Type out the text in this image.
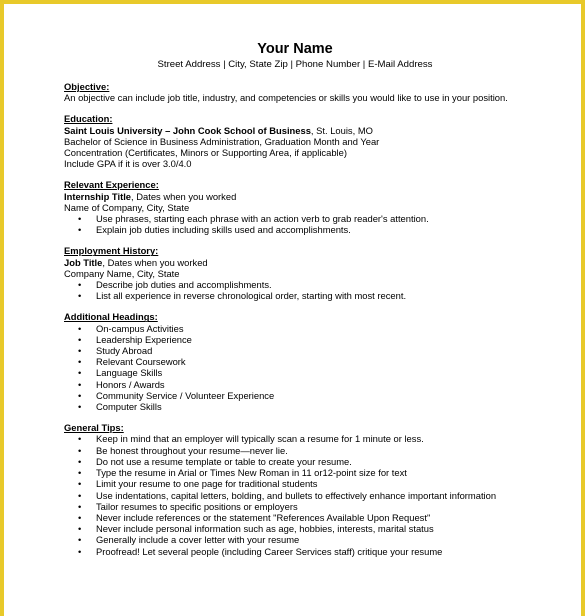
Your Name
Street Address | City, State Zip | Phone Number | E-Mail Address
Objective:

An objective can include job title, industry, and competencies or skills you would like to use in your position.

Education:
Saint Louis University – John Cook School of Business, St. Louis, MO
Bachelor of Science in Business Administration, Graduation Month and Year
Concentration (Certificates, Minors or Supporting Area, if applicable)
Include GPA if it is over 3.0/4.0
Relevant Experience:
Internship Title, Dates when you worked
Name of Company, City, State
• Use phrases, starting each phrase with an action verb to grab reader's attention.
• Explain job duties including skills used and accomplishments.
Employment History:
Job Title, Dates when you worked
Company Name, City, State
• Describe job duties and accomplishments.
• List all experience in reverse chronological order, starting with most recent.
Additional Headings:
• On-campus Activities
• Leadership Experience
• Study Abroad
• Relevant Coursework
• Language Skills
• Honors / Awards
• Community Service / Volunteer Experience
• Computer Skills
General Tips:
• Keep in mind that an employer will typically scan a resume for 1 minute or less.
• Be honest throughout your resume—never lie.
• Do not use a resume template or table to create your resume.
• Type the resume in Arial or Times New Roman in 11 or12-point size for text
• Limit your resume to one page for traditional students
• Use indentations, capital letters, bolding, and bullets to effectively enhance important information
• Tailor resumes to specific positions or employers
• Never include references or the statement "References Available Upon Request"
• Never include personal information such as age, hobbies, interests, marital status
• Generally include a cover letter with your resume
• Proofread! Let several people (including Career Services staff) critique your resume
